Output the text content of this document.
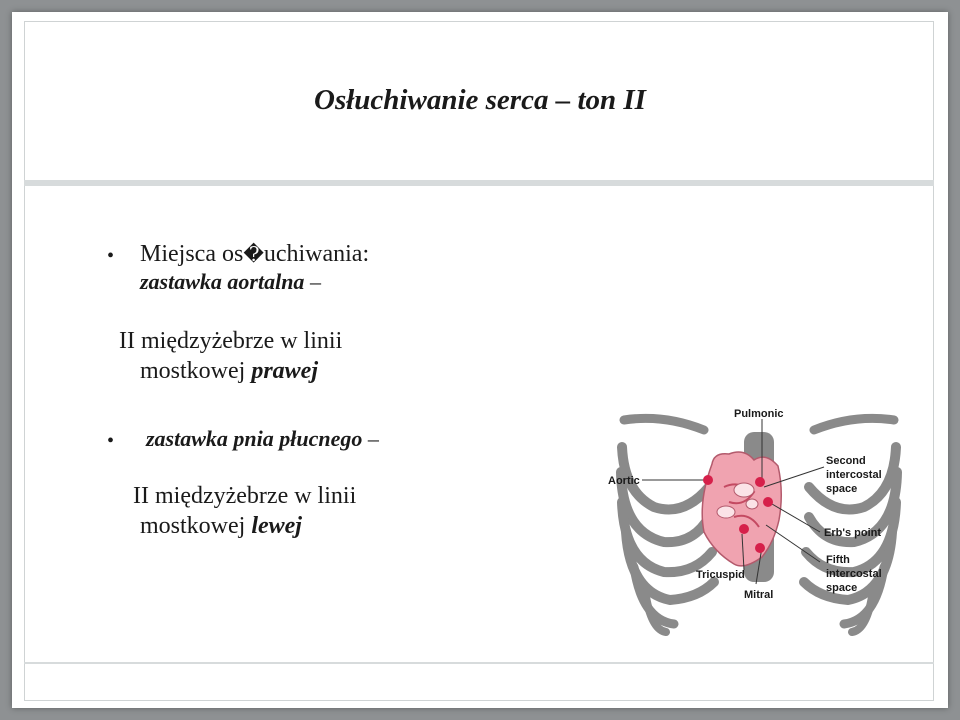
Osłuchiwanie serca – ton II
• Miejsca os�uchiwania:
zastawka aortalna –
II międzyżebrze w linii
mostkowej prawej
• zastawka pnia płucnego –
II międzyżebrze w linii
mostkowej lewej
Pulmonic
Aortic
Second
intercostal
space
Erb's point
Fifth
intercostal
space
Tricuspid
Mitral
